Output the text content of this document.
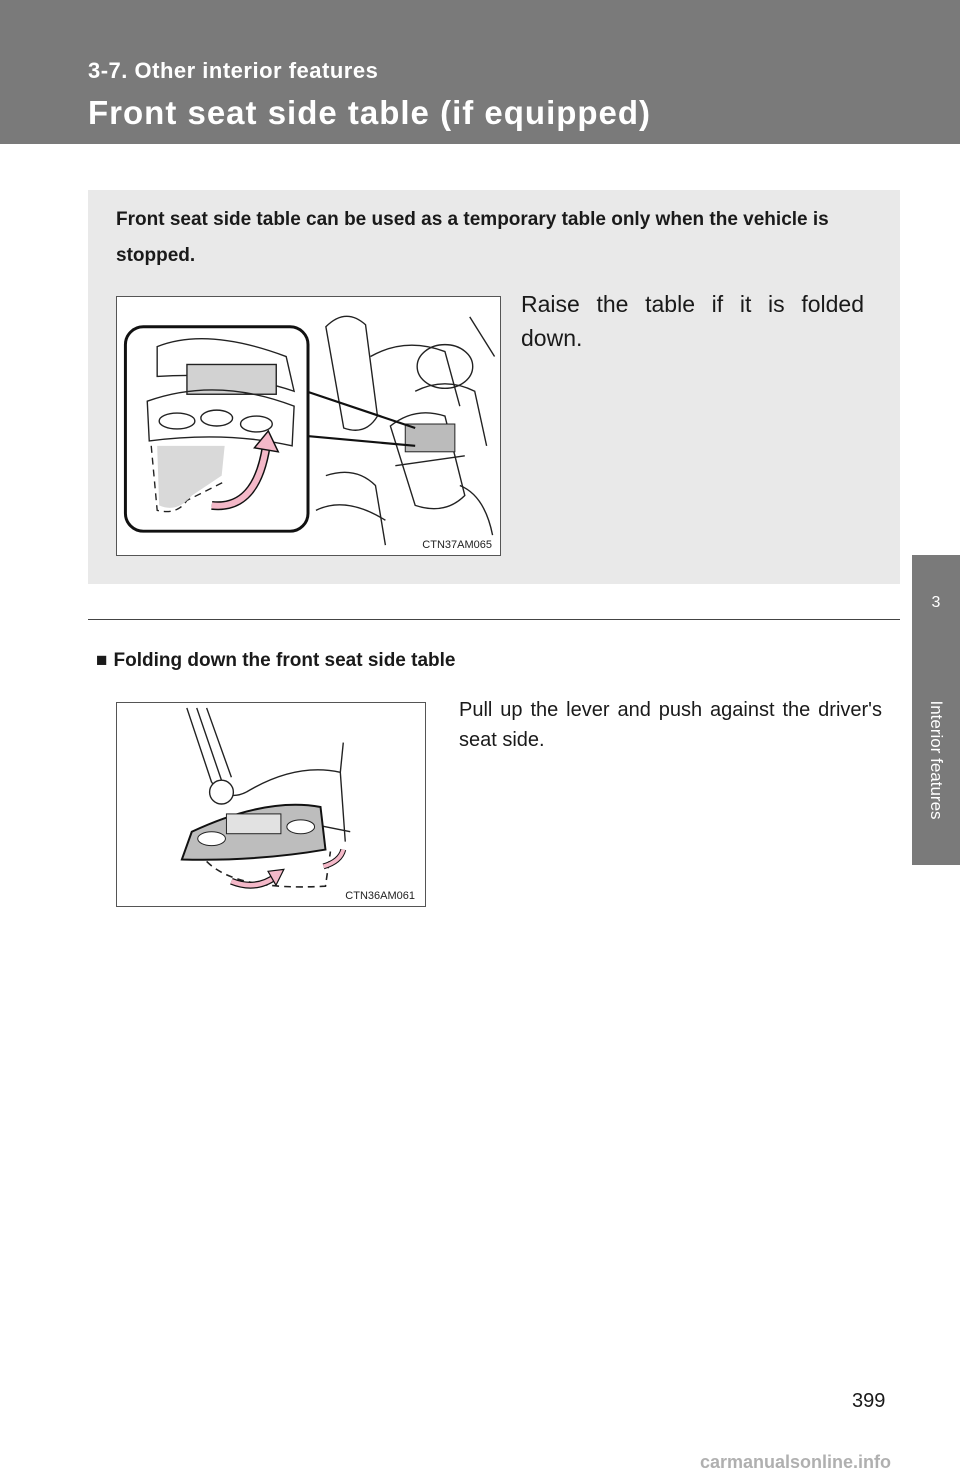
3-7. Other interior features
Front seat side table (if equipped)
3
Interior features
Front seat side table can be used as a temporary table only when the vehicle is stopped.
CTN37AM065
Raise the table if it is folded down.
■ Folding down the front seat side table
CTN36AM061
Pull up the lever and push against the driver's seat side.
399
carmanualsonline.info
